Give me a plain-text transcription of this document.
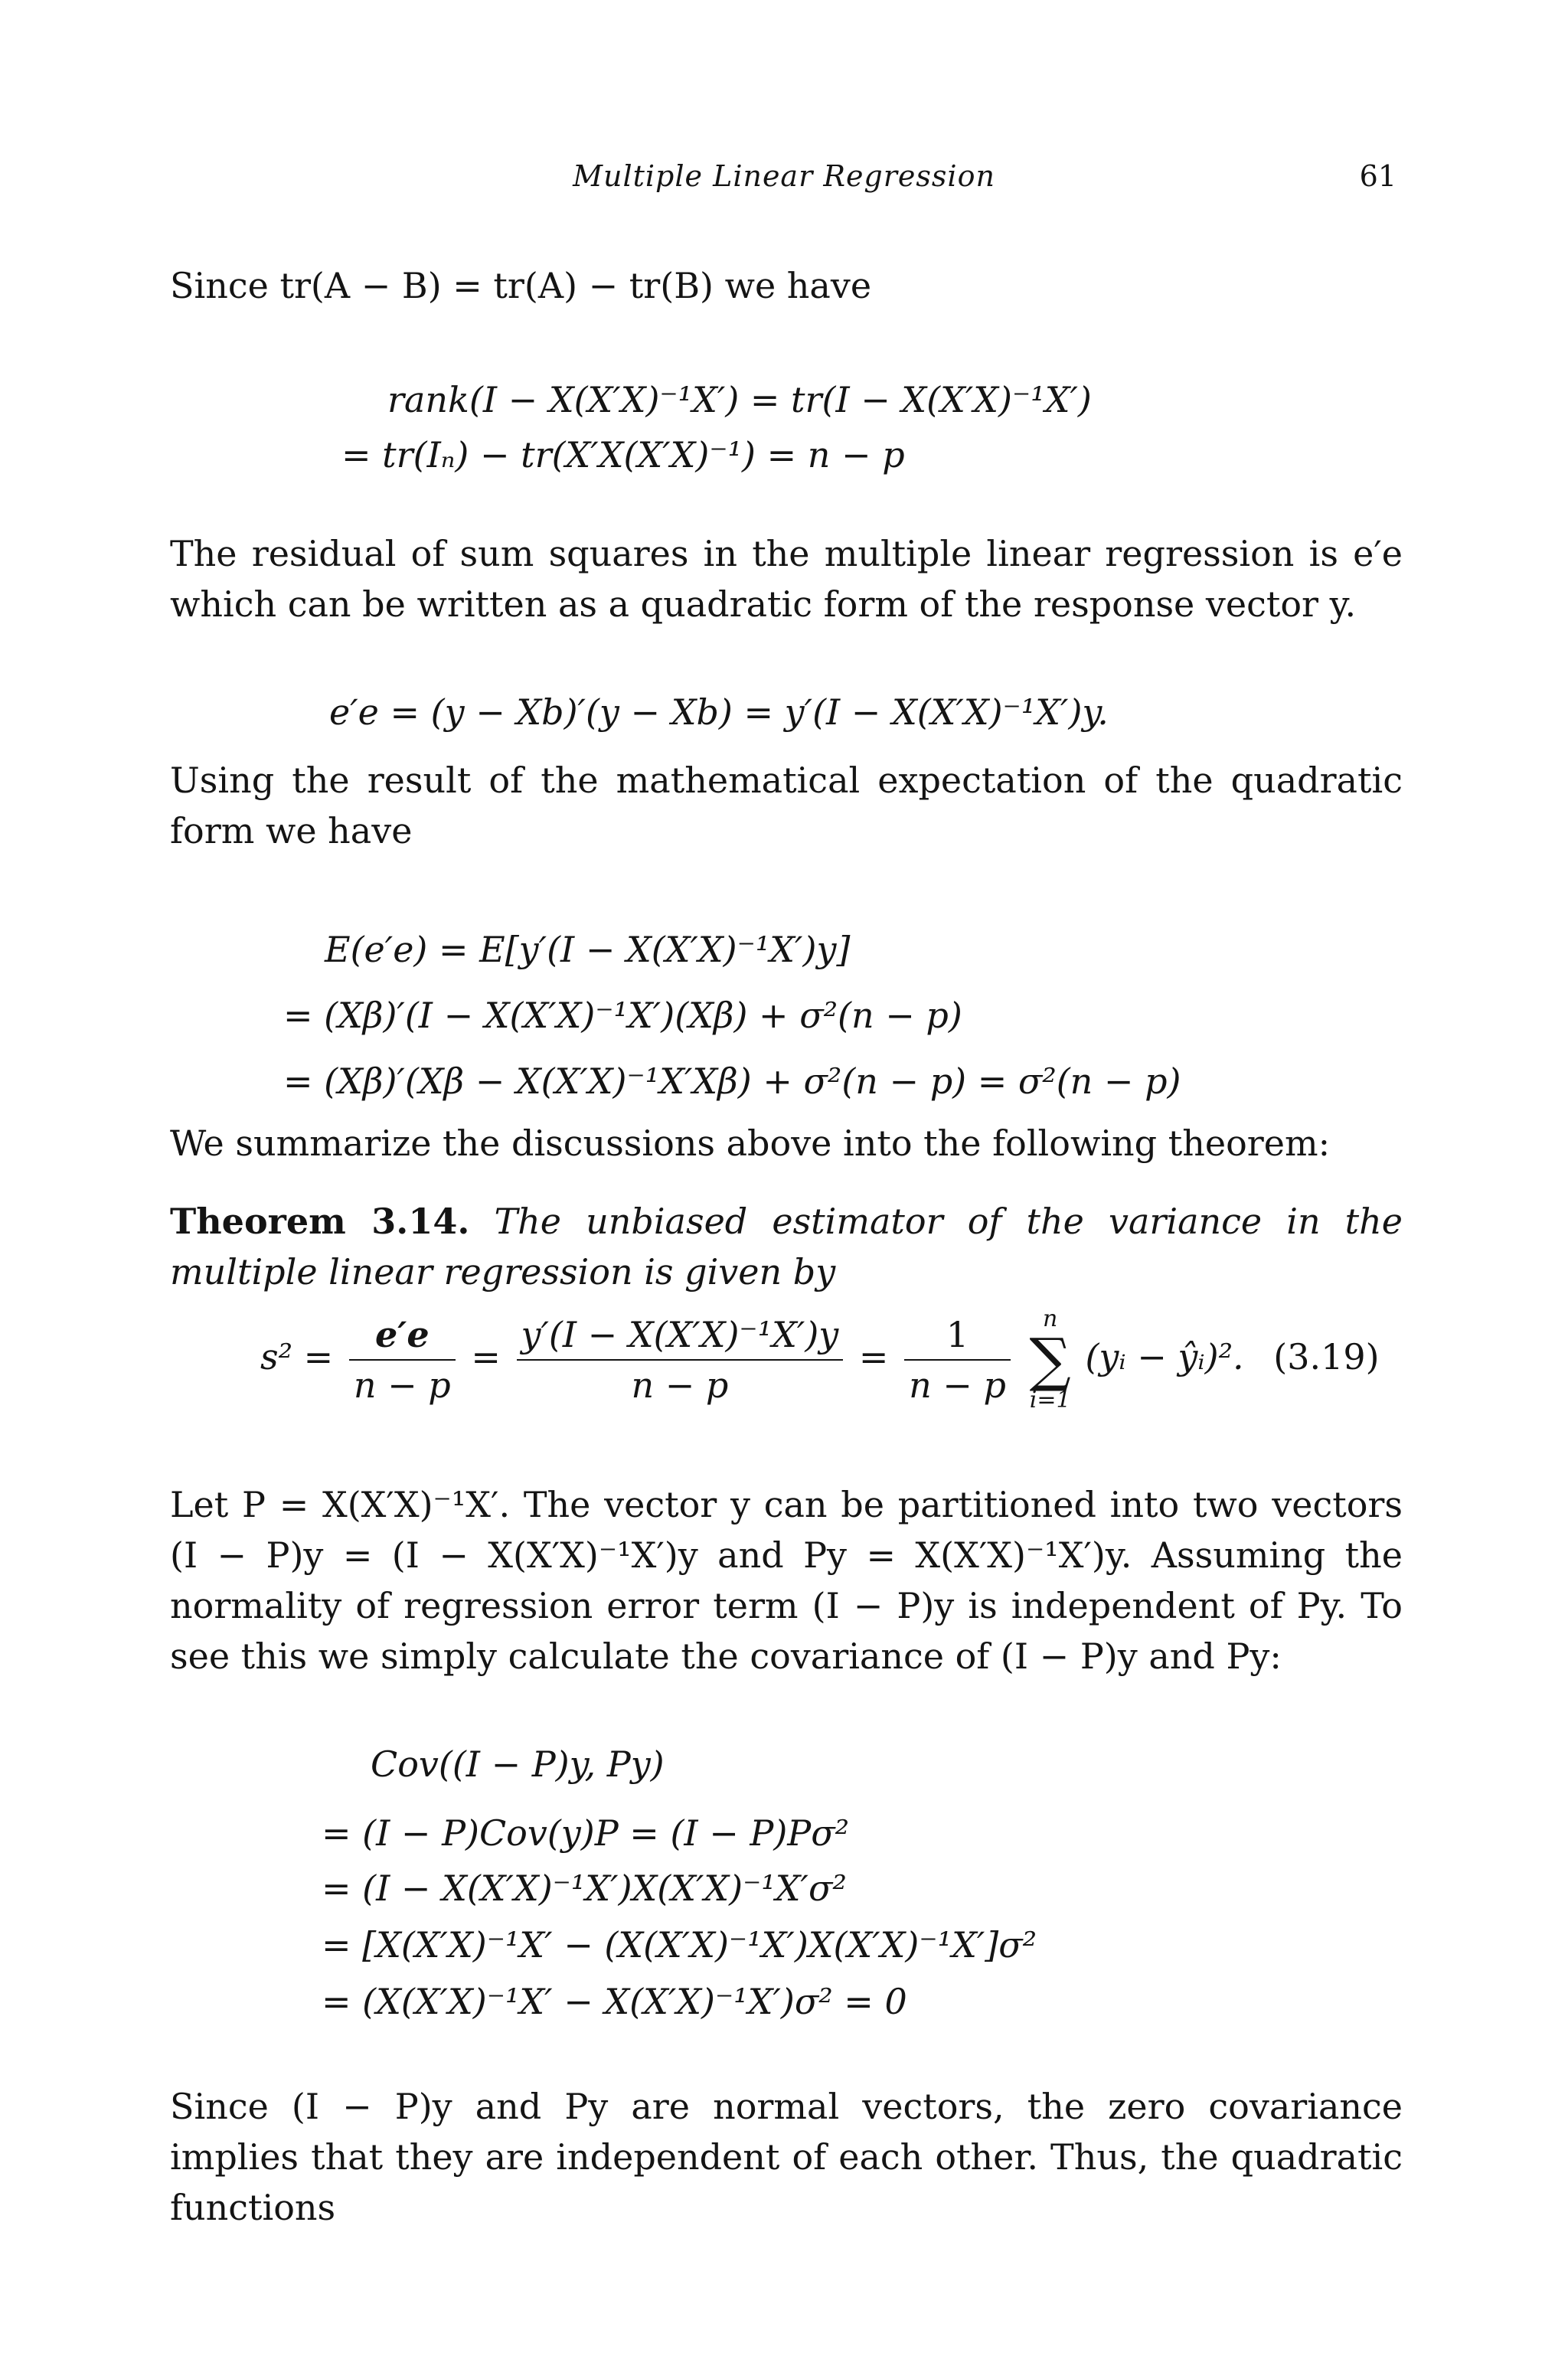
Multiple Linear Regression	61

Since tr(A − B) = tr(A) − tr(B) we have

rank(I − X(X′X)⁻¹X′) = tr(I − X(X′X)⁻¹X′)
= tr(Iₙ) − tr(X′X(X′X)⁻¹) = n − p

The residual of sum squares in the multiple linear regression is e′e which can be written as a quadratic form of the response vector y.

e′e = (y − Xb)′(y − Xb) = y′(I − X(X′X)⁻¹X′)y.

Using the result of the mathematical expectation of the quadratic form we have

E(e′e) = E[y′(I − X(X′X)⁻¹X′)y]
= (Xβ)′(I − X(X′X)⁻¹X′)(Xβ) + σ²(n − p)
= (Xβ)′(Xβ − X(X′X)⁻¹X′Xβ) + σ²(n − p) = σ²(n − p)

We summarize the discussions above into the following theorem:

Theorem 3.14. The unbiased estimator of the variance in the multiple linear regression is given by

$s^2 = \frac{e'e}{n - p} = \frac{\text{y′(I − X(X′X)⁻¹X′)y}}{n - p} = \frac{1}{n - p}$
	n
∑
i=1
(yᵢ − ŷᵢ)². (3.19)

Let P = X(X′X)⁻¹X′. The vector y can be partitioned into two vectors (I − P)y = (I − X(X′X)⁻¹X′)y and Py = X(X′X)⁻¹X′)y. Assuming the normality of regression error term (I − P)y is independent of Py. To see this we simply calculate the covariance of (I − P)y and Py:

Cov((I − P)y, Py)
= (I − P)Cov(y)P = (I − P)Pσ²
= (I − X(X′X)⁻¹X′)X(X′X)⁻¹X′σ²
= [X(X′X)⁻¹X′ − (X(X′X)⁻¹X′)X(X′X)⁻¹X′]σ²
= (X(X′X)⁻¹X′ − X(X′X)⁻¹X′)σ² = 0

Since (I − P)y and Py are normal vectors, the zero covariance implies that they are independent of each other. Thus, the quadratic functions
